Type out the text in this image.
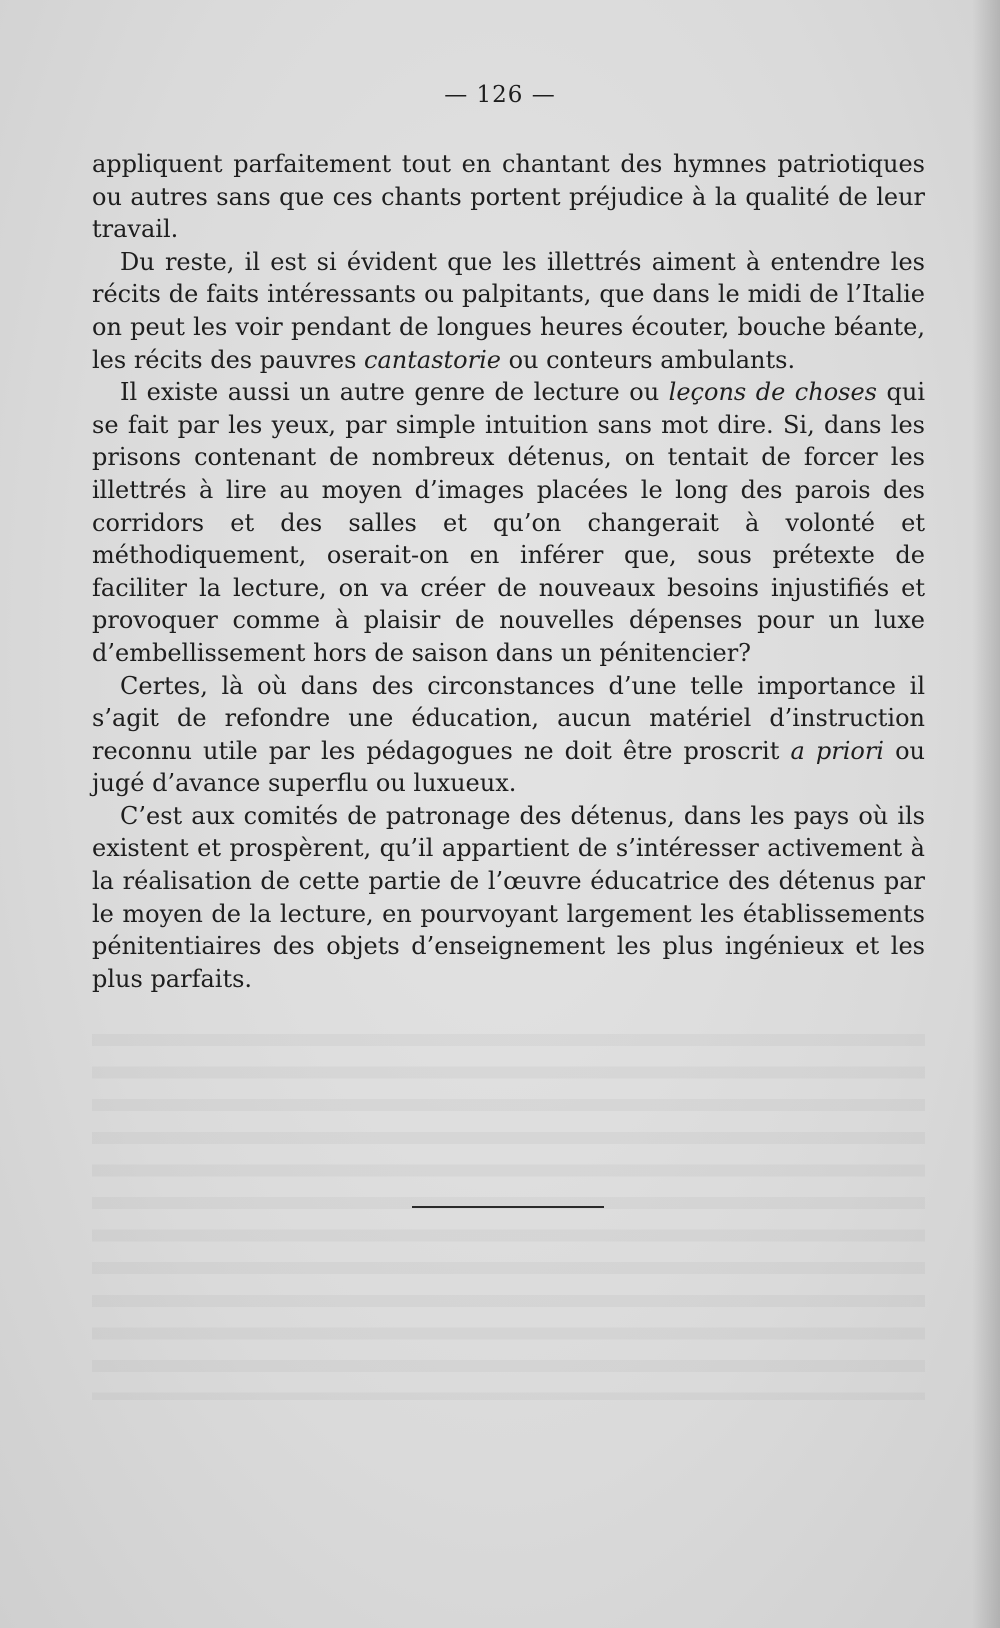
— 126 —

appliquent parfaitement tout en chantant des hymnes patriotiques ou autres sans que ces chants portent préjudice à la qualité de leur travail.

Du reste, il est si évident que les illettrés aiment à entendre les récits de faits intéressants ou palpitants, que dans le midi de l’Italie on peut les voir pendant de longues heures écouter, bouche béante, les récits des pauvres cantastorie ou conteurs ambulants.

Il existe aussi un autre genre de lecture ou leçons de choses qui se fait par les yeux, par simple intuition sans mot dire. Si, dans les prisons contenant de nombreux détenus, on tentait de forcer les illettrés à lire au moyen d’images placées le long des parois des corridors et des salles et qu’on changerait à volonté et méthodiquement, oserait-on en inférer que, sous prétexte de faciliter la lecture, on va créer de nouveaux besoins injustifiés et provoquer comme à plaisir de nouvelles dépenses pour un luxe d’embellissement hors de saison dans un pénitencier?

Certes, là où dans des circonstances d’une telle importance il s’agit de refondre une éducation, aucun matériel d’instruction reconnu utile par les pédagogues ne doit être proscrit a priori ou jugé d’avance superflu ou luxueux.

C’est aux comités de patronage des détenus, dans les pays où ils existent et prospèrent, qu’il appartient de s’intéresser activement à la réalisation de cette partie de l’œuvre éducatrice des détenus par le moyen de la lecture, en pourvoyant largement les établissements pénitentiaires des objets d’enseignement les plus ingénieux et les plus parfaits.
